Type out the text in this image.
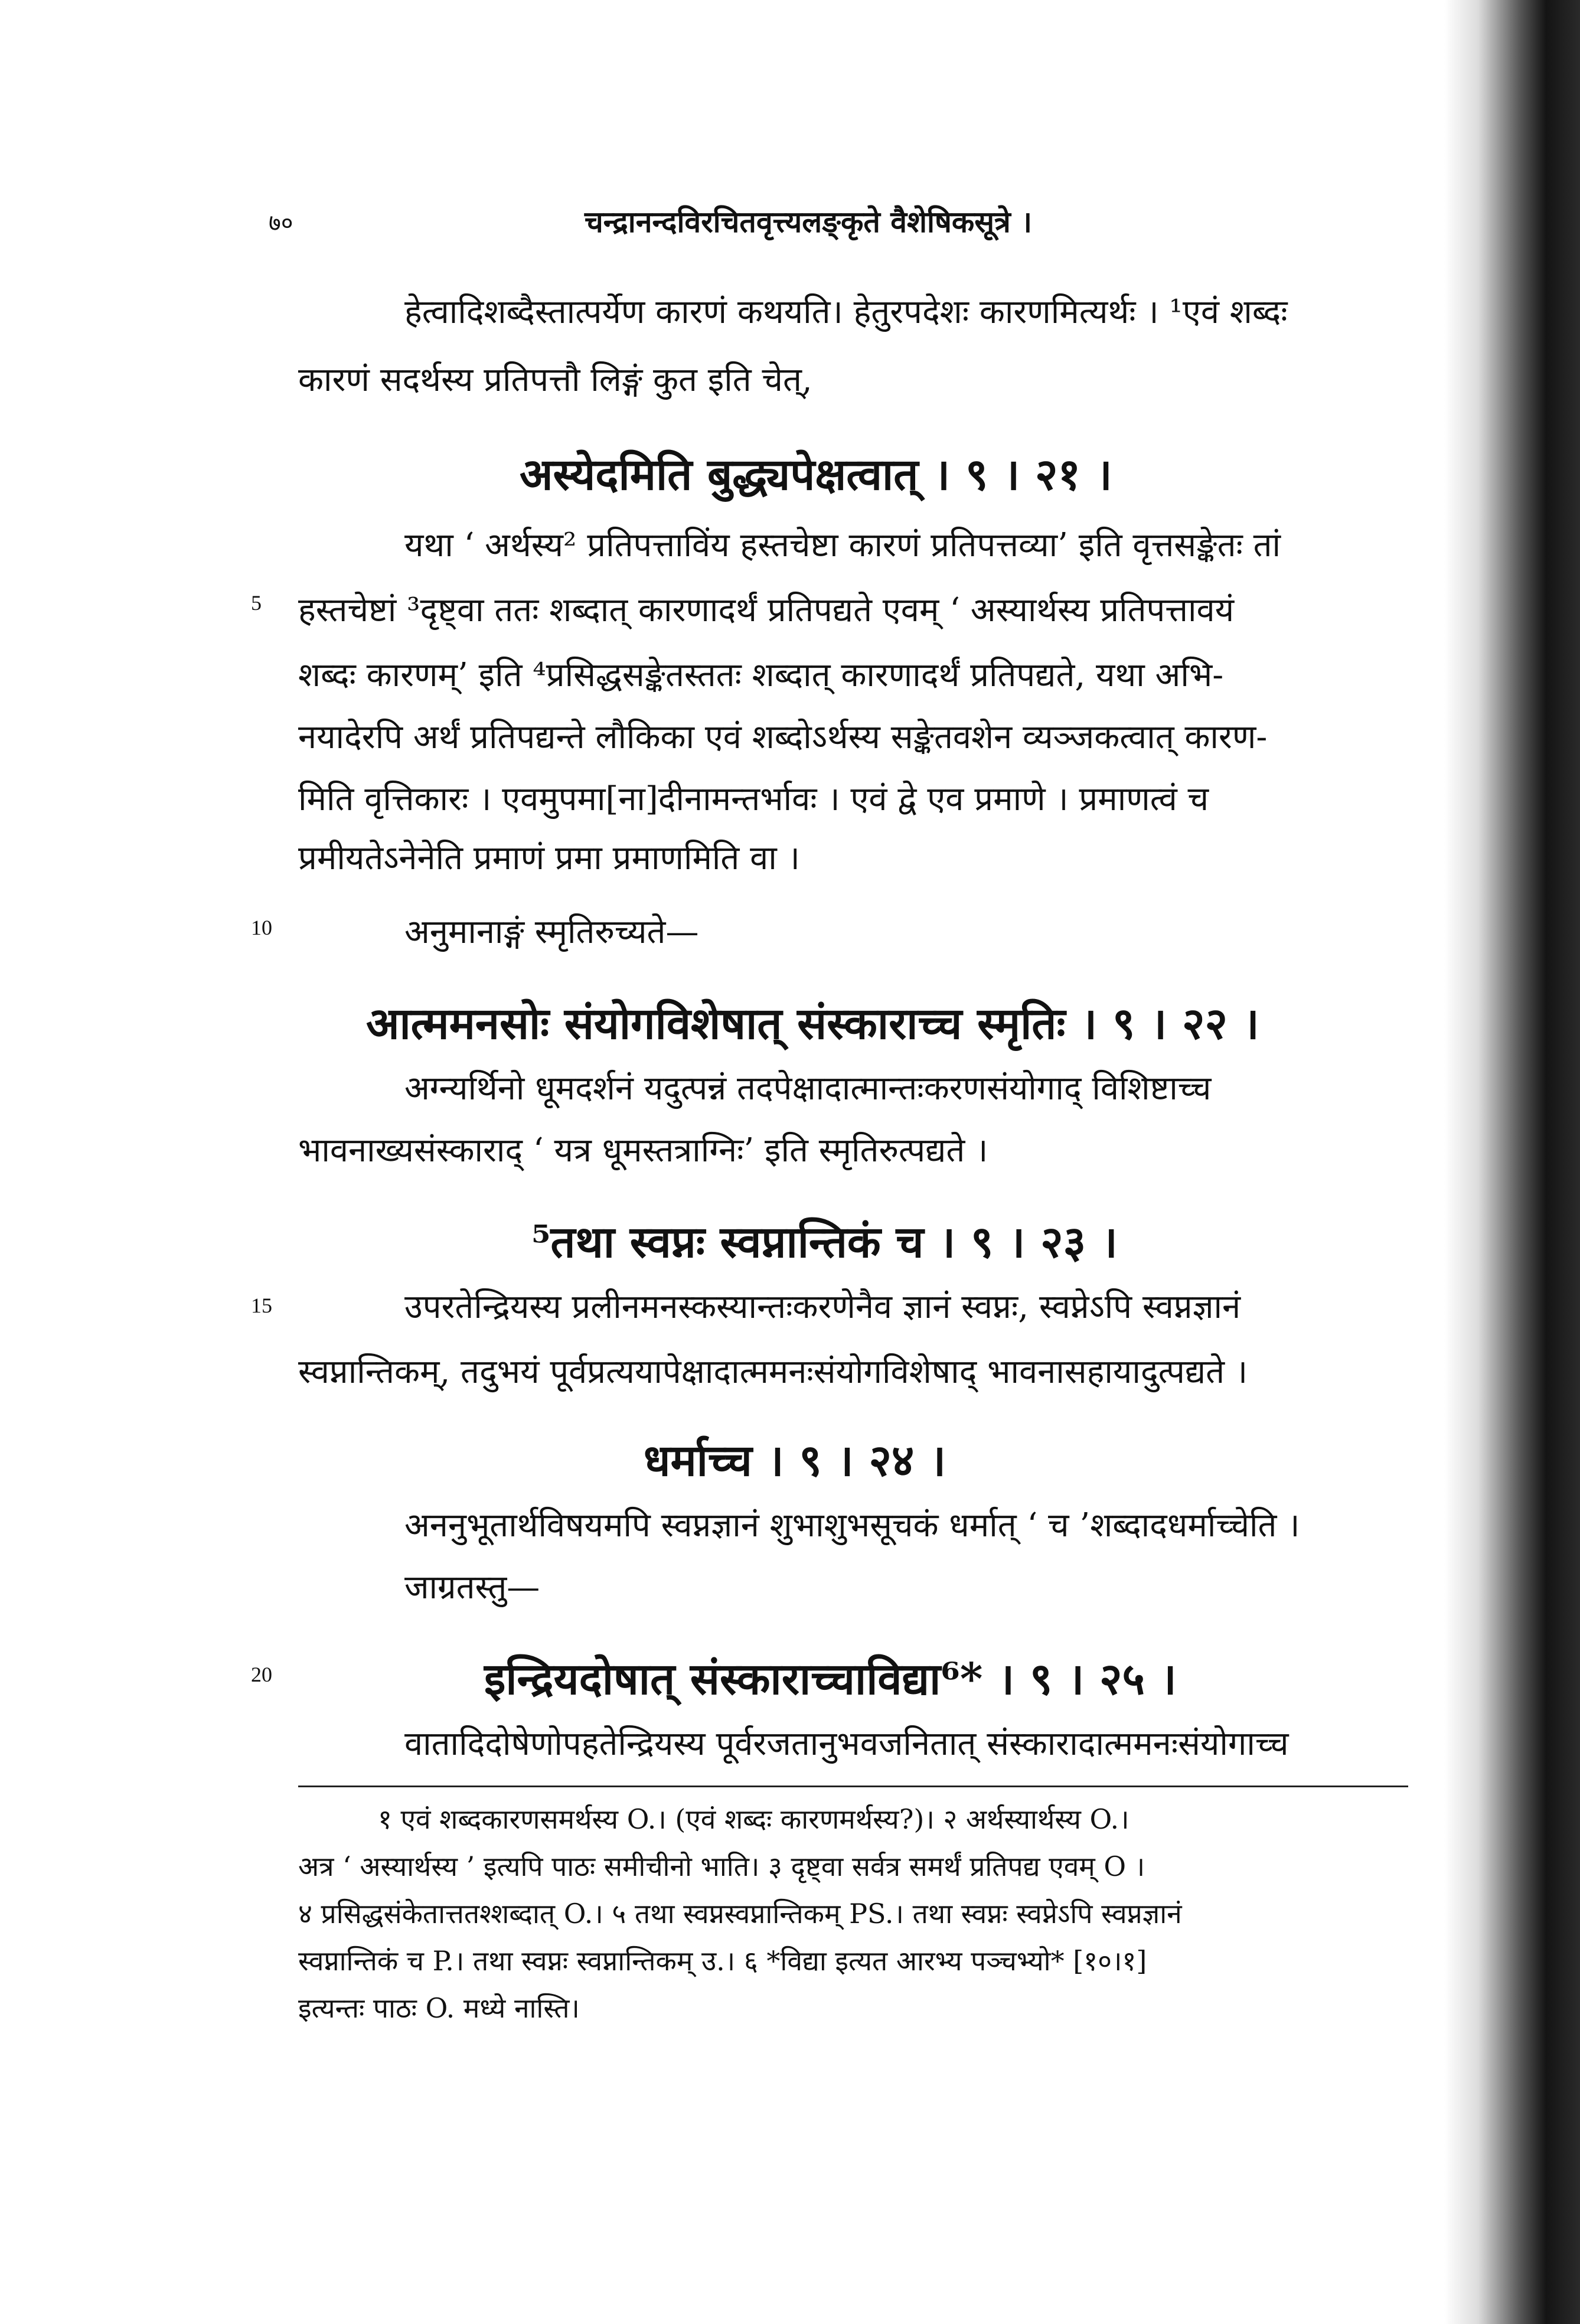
७०	चन्द्रानन्दविरचितवृत्त्यलङ्कृते वैशेषिकसूत्रे ।
हेत्वादिशब्दैस्तात्पर्येण कारणं कथयति। हेतुरपदेशः कारणमित्यर्थः । ¹एवं शब्दः
कारणं सदर्थस्य प्रतिपत्तौ लिङ्गं कुत इति चेत्,
अस्येदमिति बुद्ध्यपेक्षत्वात् । ९ । २१ ।
यथा ‘ अर्थस्य² प्रतिपत्ताविंय हस्तचेष्टा कारणं प्रतिपत्तव्या’ इति वृत्तसङ्केतः तां
हस्तचेष्टां ³दृष्ट्वा ततः शब्दात् कारणादर्थं प्रतिपद्यते एवम् ‘ अस्यार्थस्य प्रतिपत्तावयं
शब्दः कारणम्’ इति ⁴प्रसिद्धसङ्केतस्ततः शब्दात् कारणादर्थं प्रतिपद्यते, यथा अभि-
नयादेरपि अर्थं प्रतिपद्यन्ते लौकिका एवं शब्दोऽर्थस्य सङ्केतवशेन व्यञ्जकत्वात् कारण-
मिति वृत्तिकारः । एवमुपमा[ना]दीनामन्तर्भावः । एवं द्वे एव प्रमाणे । प्रमाणत्वं च
प्रमीयतेऽनेनेति प्रमाणं प्रमा प्रमाणमिति वा ।
अनुमानाङ्गं स्मृतिरुच्यते—
आत्ममनसोः संयोगविशेषात् संस्काराच्च स्मृतिः । ९ । २२ ।
अग्न्यर्थिनो धूमदर्शनं यदुत्पन्नं तदपेक्षादात्मान्तःकरणसंयोगाद् विशिष्टाच्च
भावनाख्यसंस्काराद् ‘ यत्र धूमस्तत्राग्निः’ इति स्मृतिरुत्पद्यते ।
⁵तथा स्वप्नः स्वप्नान्तिकं च । ९ । २३ ।
उपरतेन्द्रियस्य प्रलीनमनस्कस्यान्तःकरणेनैव ज्ञानं स्वप्नः, स्वप्नेऽपि स्वप्नज्ञानं
स्वप्नान्तिकम्, तदुभयं पूर्वप्रत्ययापेक्षादात्ममनःसंयोगविशेषाद् भावनासहायादुत्पद्यते ।
धर्माच्च । ९ । २४ ।
अननुभूतार्थविषयमपि स्वप्नज्ञानं शुभाशुभसूचकं धर्मात् ‘ च ’शब्दादधर्माच्चेति ।
जाग्रतस्तु—
इन्द्रियदोषात् संस्काराच्चाविद्या⁶* । ९ । २५ ।
वातादिदोषेणोपहतेन्द्रियस्य पूर्वरजतानुभवजनितात् संस्कारादात्ममनःसंयोगाच्च
5
10
15
20
१ एवं शब्दकारणसमर्थस्य O.। (एवं शब्दः कारणमर्थस्य?)। २ अर्थस्यार्थस्य O.।
अत्र ‘ अस्यार्थस्य ’ इत्यपि पाठः समीचीनो भाति। ३ दृष्ट्वा सर्वत्र समर्थं प्रतिपद्य एवम् O ।
४ प्रसिद्धसंकेतात्ततश्शब्दात् O.। ५ तथा स्वप्नस्वप्नान्तिकम् PS.। तथा स्वप्नः स्वप्नेऽपि स्वप्नज्ञानं
स्वप्नान्तिकं च P.। तथा स्वप्नः स्वप्नान्तिकम् उ.। ६ *विद्या इत्यत आरभ्य पञ्चभ्यो* [१०।१]
इत्यन्तः पाठः O. मध्ये नास्ति।
